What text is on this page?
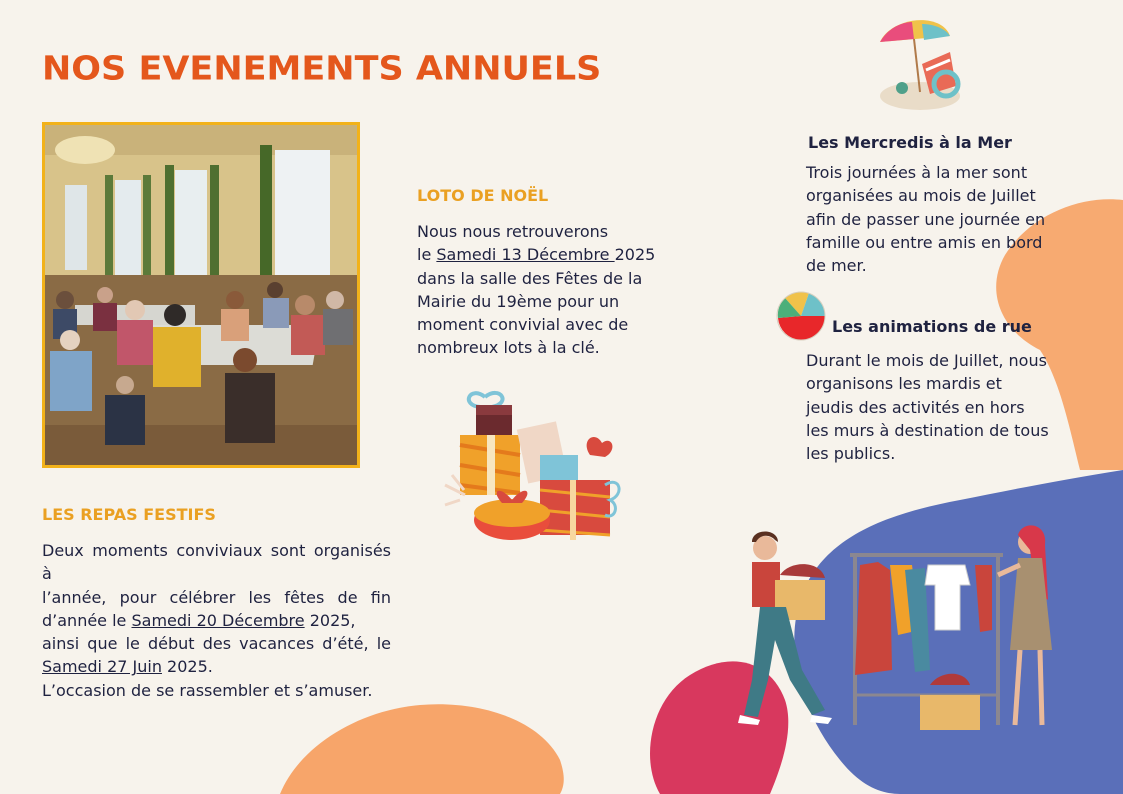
NOS EVENEMENTS ANNUELS
LOTO DE NOËL
Nous nous retrouverons
le Samedi 13 Décembre 2025
dans la salle des Fêtes de la
Mairie du 19ème pour un
moment convivial avec de
nombreux lots à la clé.
LES REPAS FESTIFS
Deux moments conviviaux sont organisés à
l’année, pour célébrer les fêtes de fin
d’année le Samedi 20 Décembre 2025,
ainsi que le début des vacances d’été, le
Samedi 27 Juin 2025.
L’occasion de se rassembler et s’amuser.
Les Mercredis à la Mer
Trois journées à la mer sont
organisées au mois de Juillet
afin de passer une journée en
famille ou entre amis en bord
de mer.
Les animations de rue
Durant le mois de Juillet, nous
organisons les mardis et
jeudis des activités en hors
les murs à destination de tous
les publics.
